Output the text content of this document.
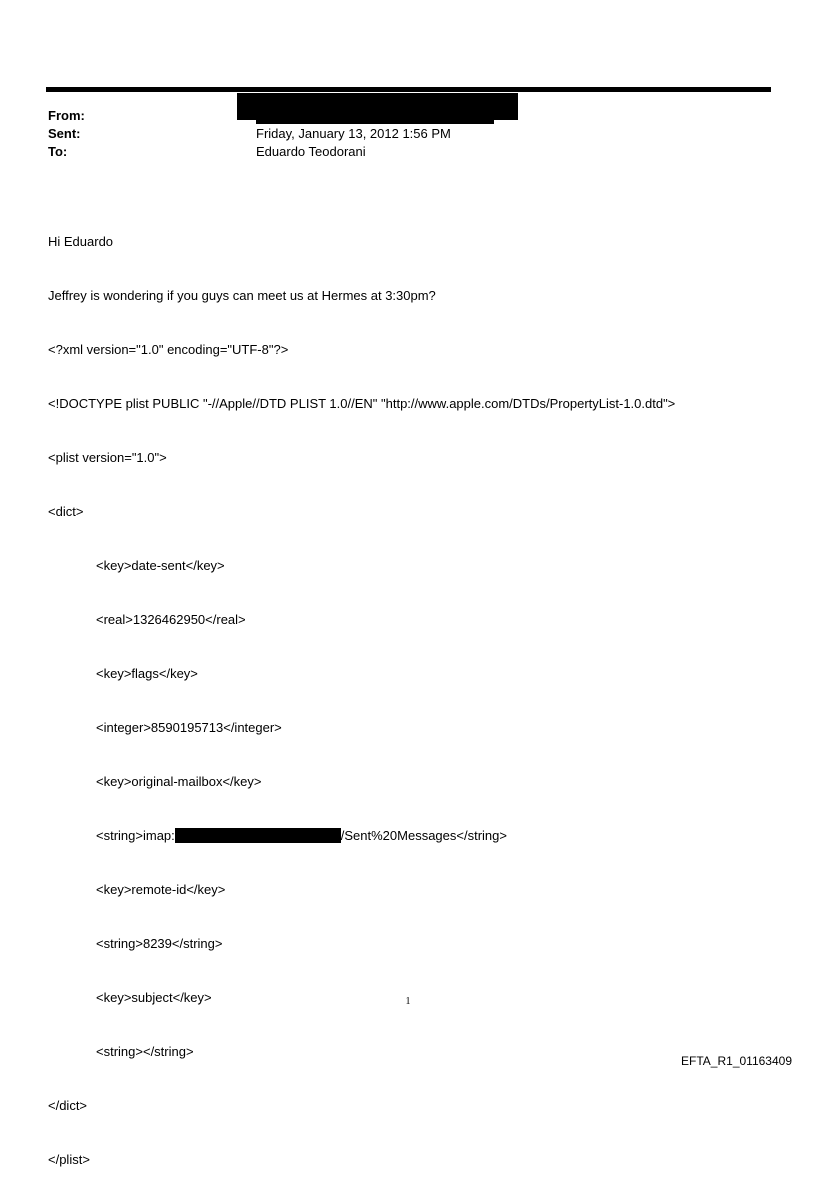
From:
Sent:	Friday, January 13, 2012 1:56 PM
To:	Eduardo Teodorani

Hi Eduardo

Jeffrey is wondering if you guys can meet us at Hermes at 3:30pm?

<?xml version="1.0" encoding="UTF-8"?>

<!DOCTYPE plist PUBLIC "-//Apple//DTD PLIST 1.0//EN" "http://www.apple.com/DTDs/PropertyList-1.0.dtd">

<plist version="1.0">

<dict>

<key>date-sent</key>

<real>1326462950</real>

<key>flags</key>

<integer>8590195713</integer>

<key>original-mailbox</key>

<string>imap:	/Sent%20Messages</string>

<key>remote-id</key>

<string>8239</string>

<key>subject</key>

<string></string>

</dict>

</plist>

1
EFTA_R1_01163409
